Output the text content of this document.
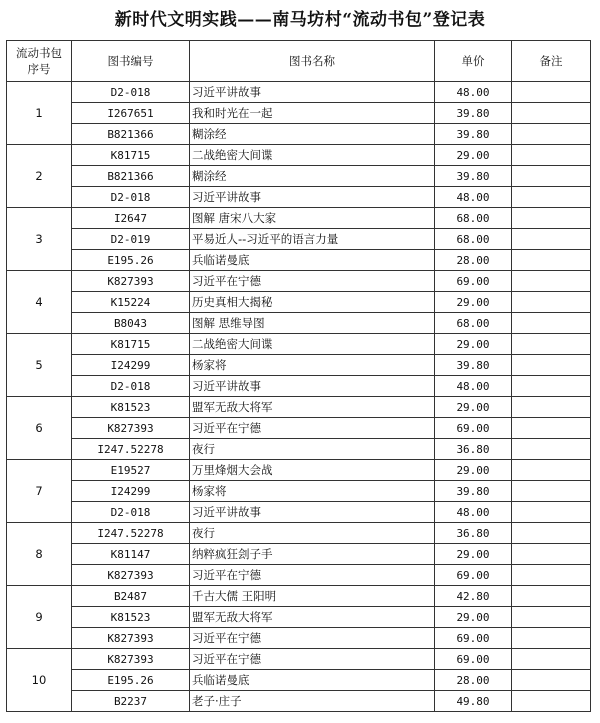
新时代文明实践——南马坊村“流动书包”登记表
流动书包
序号	图书编号	图书名称	单价	备注
1	D2-018	习近平讲故事	48.00	
	I267651	我和时光在一起	39.80	
	B821366	糊涂经	39.80	
2	K81715	二战绝密大间谍	29.00	
	B821366	糊涂经	39.80	
	D2-018	习近平讲故事	48.00	
3	I2647	图解 唐宋八大家	68.00	
	D2-019	平易近人--习近平的语言力量	68.00	
	E195.26	兵临诺曼底	28.00	
4	K827393	习近平在宁德	69.00	
	K15224	历史真相大揭秘	29.00	
	B8043	图解 思维导图	68.00	
5	K81715	二战绝密大间谍	29.00	
	I24299	杨家将	39.80	
	D2-018	习近平讲故事	48.00	
6	K81523	盟军无敌大将军	29.00	
	K827393	习近平在宁德	69.00	
	I247.52278	夜行	36.80	
7	E19527	万里烽烟大会战	29.00	
	I24299	杨家将	39.80	
	D2-018	习近平讲故事	48.00	
8	I247.52278	夜行	36.80	
	K81147	纳粹疯狂刽子手	29.00	
	K827393	习近平在宁德	69.00	
9	B2487	千古大儒 王阳明	42.80	
	K81523	盟军无敌大将军	29.00	
	K827393	习近平在宁德	69.00	
10	K827393	习近平在宁德	69.00	
	E195.26	兵临诺曼底	28.00	
	B2237	老子·庄子	49.80	
